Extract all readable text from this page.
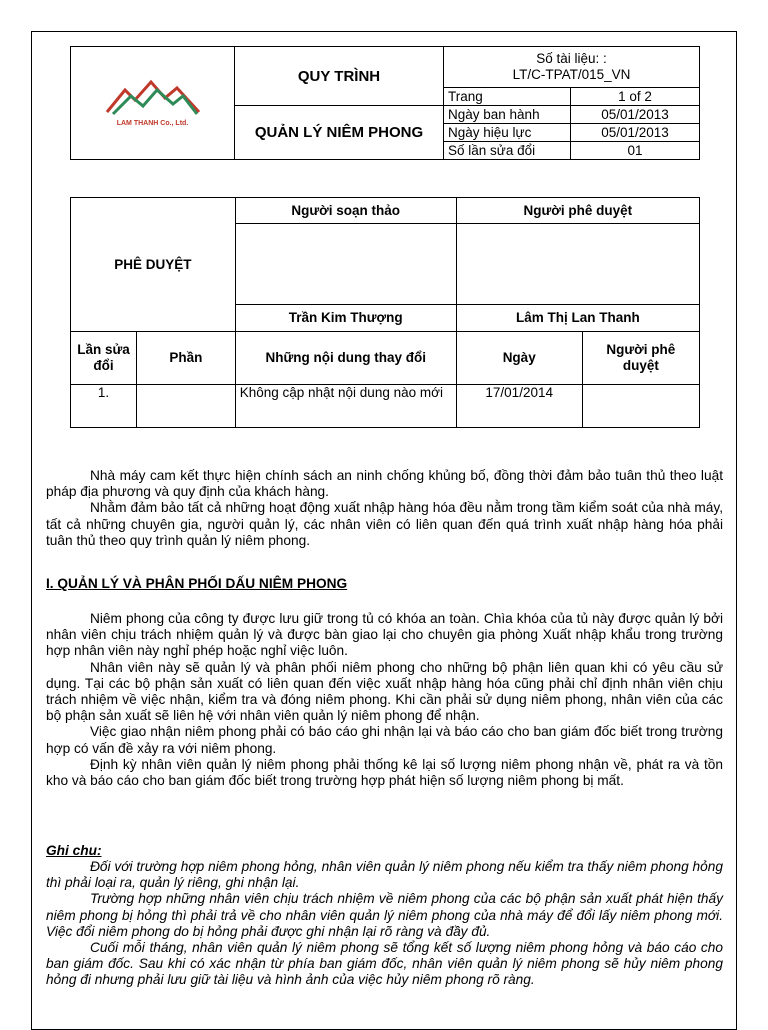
LAM THANH Co., Ltd.	QUY TRÌNH	Số tài liệu: :
LT/C-TPAT/015_VN	

		Trang	1 of 2
	QUẢN LÝ NIÊM PHONG	Ngày ban hành	05/01/2013
		Ngày hiệu lực	05/01/2013
		Số lần sửa đổi	01
PHÊ DUYỆT		Người soạn thảo	Người phê duyệt	

		Trần Kim Thượng	Lâm Thị Lan Thanh	
Lần sửa đổi	Phần	Những nội dung thay đổi	Ngày	Người phê duyệt
1.		Không cập nhật nội dung nào mới	17/01/2014	

Nhà máy cam kết thực hiện chính sách an ninh chống khủng bố, đồng thời đảm bảo tuân thủ theo luật pháp địa phương và quy định của khách hàng.

Nhằm đảm bảo tất cả những hoạt động xuất nhập hàng hóa đều nằm trong tầm kiểm soát của nhà máy, tất cả những chuyên gia, người quản lý, các nhân viên có liên quan đến quá trình xuất nhập hàng hóa phải tuân thủ theo quy trình quản lý niêm phong.

I. QUẢN LÝ VÀ PHÂN PHỐI DẤU NIÊM PHONG

Niêm phong của công ty được lưu giữ trong tủ có khóa an toàn. Chìa khóa của tủ này được quản lý bởi nhân viên chịu trách nhiệm quản lý và được bàn giao lại cho chuyên gia phòng Xuất nhập khẩu trong trường hợp nhân viên này nghỉ phép hoặc nghỉ việc luôn.

Nhân viên này sẽ quản lý và phân phối niêm phong cho những bộ phận liên quan khi có yêu cầu sử dụng. Tại các bộ phận sản xuất có liên quan đến việc xuất nhập hàng hóa cũng phải chỉ định nhân viên chịu trách nhiệm về việc nhận, kiểm tra và đóng niêm phong. Khi cần phải sử dụng niêm phong, nhân viên của các bộ phận sản xuất sẽ liên hệ với nhân viên quản lý niêm phong để nhận.

Việc giao nhận niêm phong phải có báo cáo ghi nhận lại và báo cáo cho ban giám đốc biết trong trường hợp có vấn đề xảy ra với niêm phong.

Định kỳ nhân viên quản lý niêm phong phải thống kê lại số lượng niêm phong nhận về, phát ra và tồn kho và báo cáo cho ban giám đốc biết trong trường hợp phát hiện số lượng niêm phong bị mất.

Ghi chu:

Đối với trường hợp niêm phong hỏng, nhân viên quản lý niêm phong nếu kiểm tra thấy niêm phong hỏng thì phải loại ra, quản lý riêng, ghi nhận lại.

Trường hợp những nhân viên chịu trách nhiệm về niêm phong của các bộ phận sản xuất phát hiện thấy niêm phong bị hỏng thì phải trả về cho nhân viên quản lý niêm phong của nhà máy để đổi lấy niêm phong mới. Việc đổi niêm phong do bị hỏng phải được ghi nhận lại rõ ràng và đầy đủ.

Cuối mỗi tháng, nhân viên quản lý niêm phong sẽ tổng kết số lượng niêm phong hỏng và báo cáo cho ban giám đốc. Sau khi có xác nhận từ phía ban giám đốc, nhân viên quản lý niêm phong sẽ hủy niêm phong hỏng đi nhưng phải lưu giữ tài liệu và hình ảnh của việc hủy niêm phong rõ ràng.
